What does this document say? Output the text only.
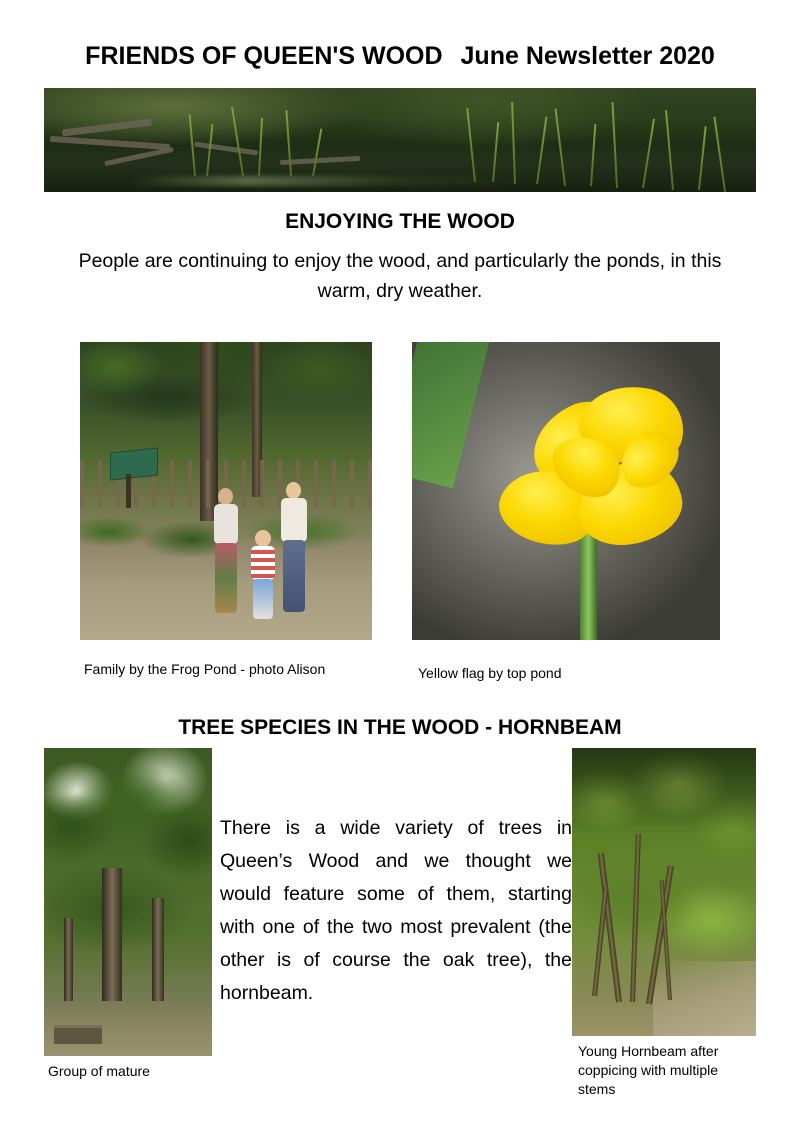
FRIENDS OF QUEEN'S WOOD June Newsletter 2020
ENJOYING THE WOOD
People are continuing to enjoy the wood, and particularly the ponds, in this warm, dry weather.
Family by the Frog Pond - photo Alison	Yellow flag by top pond
TREE SPECIES IN THE WOOD - HORNBEAM
Group of mature
There is a wide variety of trees in Queen’s Wood and we thought we would feature some of them, starting with one of the two most prevalent (the other is of course the oak tree), the hornbeam.
Young Hornbeam after coppicing with multiple stems
